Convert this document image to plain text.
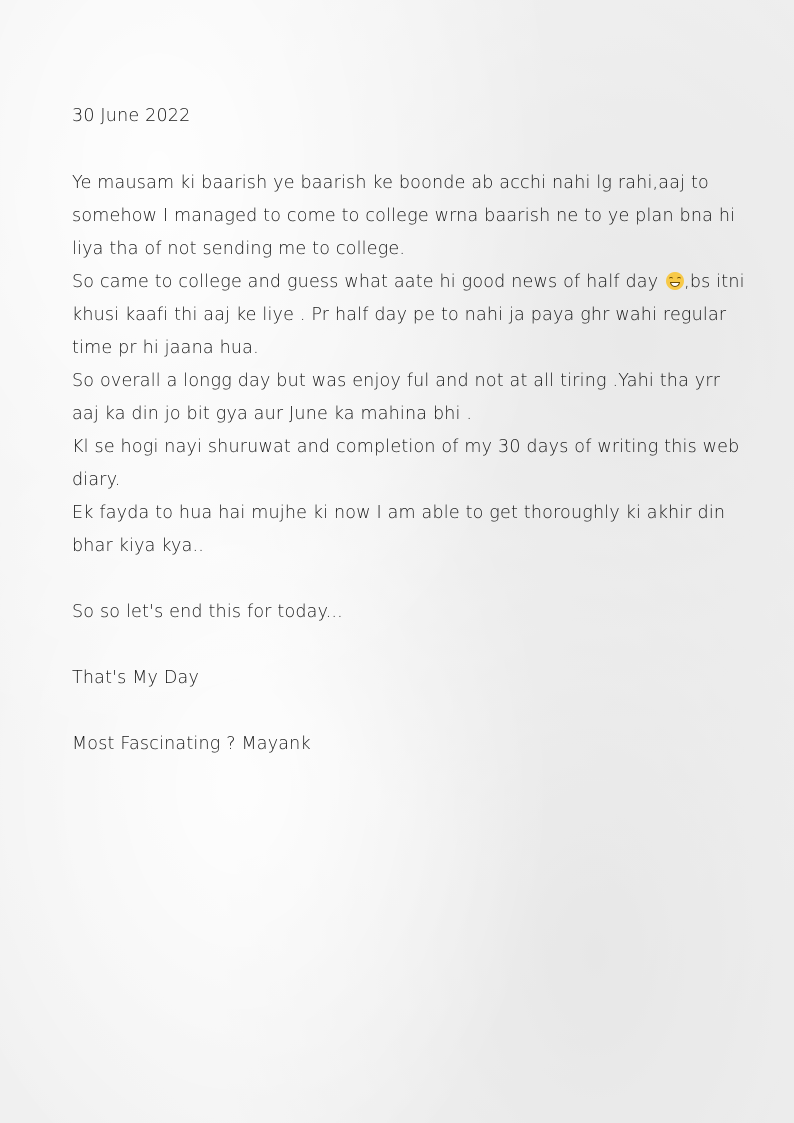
30 June 2022

Ye mausam ki baarish ye baarish ke boonde ab acchi nahi lg rahi,aaj to somehow I managed to come to college wrna baarish ne to ye plan bna hi liya tha of not sending me to college.

So came to college and guess what aate hi good news of half day ,bs itni khusi kaafi thi aaj ke liye . Pr half day pe to nahi ja paya ghr wahi regular time pr hi jaana hua.

So overall a longg day but was enjoy ful and not at all tiring .Yahi tha yrr aaj ka din jo bit gya aur June ka mahina bhi .

Kl se hogi nayi shuruwat and completion of my 30 days of writing this web diary.

Ek fayda to hua hai mujhe ki now I am able to get thoroughly ki akhir din bhar kiya kya..

So so let's end this for today...

That's My Day

Most Fascinating ? Mayank
